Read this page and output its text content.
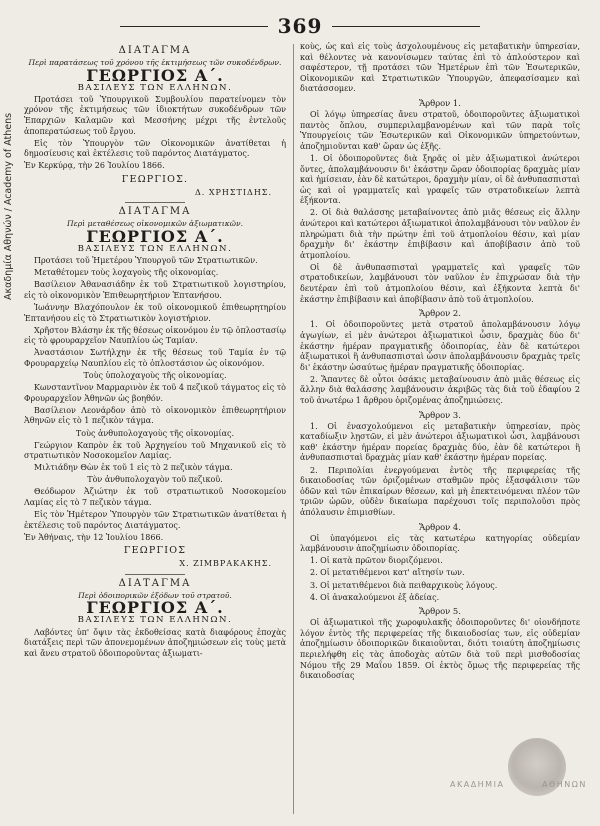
Ακαδημία Αθηνών / Academy of Athens
369

ΔΙΑΤΑΓΜΑ

Περὶ παρατάσεως τοῦ χρόνου τῆς ἐκτιμήσεως τῶν συκοδένδρων.

ΓΕΩΡΓΙΟΣ Α΄.

ΒΑΣΙΛΕΥΣ ΤΩΝ ΕΛΛΗΝΩΝ.

Προτάσει τοῦ Ὑπουργικοῦ Συμβουλίου παρατείνομεν τὸν χρόνον τῆς ἐκτιμήσεως τῶν ἰδιοκτήτων συκοδένδρων τῶν Ἐπαρχιῶν Καλαμῶν καὶ Μεσσήνης μέχρι τῆς ἐντελοῦς ἀποπερατώσεως τοῦ ἔργου.

Εἰς τὸν Ὑπουργὸν τῶν Οἰκονομικῶν ἀνατίθεται ἡ δημοσίευσις καὶ ἐκτέλεσις τοῦ παρόντος Διατάγματος.

Ἐν Κερκύρᾳ, τὴν 26 Ἰουλίου 1866.

ΓΕΩΡΓΙΟΣ.

Δ. ΧΡΗΣΤΙΔΗΣ.

ΔΙΑΤΑΓΜΑ

Περὶ μεταθέσεως οἰκονομικῶν ἀξιωματικῶν.

ΓΕΩΡΓΙΟΣ Α΄.

ΒΑΣΙΛΕΥΣ ΤΩΝ ΕΛΛΗΝΩΝ.

Προτάσει τοῦ Ἡμετέρου Ὑπουργοῦ τῶν Στρατιωτικῶν.

Μεταθέτομεν τοὺς λοχαγοὺς τῆς οἰκονομίας.

Βασίλειον Ἀθανασιάδην ἐκ τοῦ Στρατιωτικοῦ λογιστηρίου, εἰς τὸ οἰκονομικὸν Ἐπιθεωρητήριον Ἑπτανήσου.

Ἰωάννην Βλαχόπουλον ἐκ τοῦ οἰκονομικοῦ ἐπιθεωρητηρίου Ἑπτανήσου εἰς τὸ Στρατιωτικὸν λογιστήριον.

Χρῆστον Βλάσην ἐκ τῆς θέσεως οἰκονόμου ἐν τῷ ὁπλοστασίῳ εἰς τὸ φρουραρχεῖον Ναυπλίου ὡς Ταμίαν.

Ἀναστάσιον Σωτήλχην ἐκ τῆς θέσεως τοῦ Ταμία ἐν τῷ Φρουραρχείῳ Ναυπλίου εἰς τὸ ὁπλοστάσιον ὡς οἰκονόμον.

Τοὺς ὑπολοχαγοὺς τῆς οἰκονομίας.

Κωνσταντῖνον Μαρμαρινὸν ἐκ τοῦ 4 πεζικοῦ τάγματος εἰς τὸ Φρουραρχεῖον Ἀθηνῶν ὡς βοηθόν.

Βασίλειον Λεονάρδον ἀπὸ τὸ οἰκονομικὸν ἐπιθεωρητήριον Ἀθηνῶν εἰς τὸ 1 πεζικὸν τάγμα.

Τοὺς ἀνθυπολοχαγοὺς τῆς οἰκονομίας.

Γεώργιον Καπρὸν ἐκ τοῦ Ἀρχηγείου τοῦ Μηχανικοῦ εἰς τὸ στρατιωτικὸν Νοσοκομεῖον Λαμίας.

Μιλτιάδην Θὼν ἐκ τοῦ 1 εἰς τὸ 2 πεζικὸν τάγμα.

Τὸν ἀνθυπολοχαγὸν τοῦ πεζικοῦ.

Θεόδωρον Ἀζιώτην ἐκ τοῦ στρατιωτικοῦ Νοσοκομείου Λαμίας εἰς τὸ 7 πεζικὸν τάγμα.

Εἰς τὸν Ἡμέτερον Ὑπουργὸν τῶν Στρατιωτικῶν ἀνατίθεται ἡ ἐκτέλεσις τοῦ παρόντος Διατάγματος.

Ἐν Ἀθήναις, τὴν 12 Ἰουλίου 1866.

ΓΕΩΡΓΙΟΣ

Χ. ΖΙΜΒΡΑΚΑΚΗΣ.

ΔΙΑΤΑΓΜΑ

Περὶ ὁδοιπορικῶν ἐξόδων τοῦ στρατοῦ.

ΓΕΩΡΓΙΟΣ Α΄.

ΒΑΣΙΛΕΥΣ ΤΩΝ ΕΛΛΗΝΩΝ.

Λαβόντες ὑπ' ὄψιν τὰς ἐκδοθείσας κατὰ διαφόρους ἐποχὰς διατάξεις περὶ τῶν ἀπονεμομένων ἀποζημιώσεων εἰς τοὺς μετὰ καὶ ἄνευ στρατοῦ ὁδοιποροῦντας ἀξιωματι-

κοὺς, ὡς καὶ εἰς τοὺς ἀσχολουμένους εἰς μεταβατικὴν ὑπηρεσίαν, καὶ θέλοντες νὰ κανονίσωμεν ταύτας ἐπὶ τὸ ἁπλούστερον καὶ σαφέστερον, τῇ προτάσει τῶν Ἡμετέρων ἐπὶ τῶν Ἐσωτερικῶν, Οἰκονομικῶν καὶ Στρατιωτικῶν Ὑπουργῶν, ἀπεφασίσαμεν καὶ διατάσσομεν.

Ἄρθρον 1.

Οἱ λόγῳ ὑπηρεσίας ἄνευ στρατοῦ, ὁδοιποροῦντες ἀξιωματικοὶ παντὸς ὅπλου, συμπεριλαμβανομένων καὶ τῶν παρὰ τοῖς Ὑπουργείοις τῶν Ἐσωτερικῶν καὶ Οἰκονομικῶν ὑπηρετούντων, ἀποζημιοῦνται καθ' ὥραν ὡς ἑξῆς.

1. Οἱ ὁδοιποροῦντες διὰ ξηρᾶς οἱ μὲν ἀξιωματικοὶ ἀνώτεροι ὄντες, ἀπολαμβάνουσιν δι' ἑκάστην ὥραν ὁδοιπορίας δραχμὰς μίαν καὶ ἡμίσειαν, ἐὰν δὲ κατώτεροι, δραχμὴν μίαν, οἱ δὲ ἀνθυπασπισταὶ ὡς καὶ οἱ γραμματεῖς καὶ γραφεῖς τῶν στρατοδικείων λεπτὰ ἑξήκοντα.

2. Οἱ διὰ θαλάσσης μεταβαίνοντες ἀπὸ μιᾶς θέσεως εἰς ἄλλην ἀνώτεροι καὶ κατώτεροι ἀξιωματικοὶ ἀπολαμβάνουσι τὸν ναῦλον ἐν πληρώματι διὰ τὴν πρώτην ἐπὶ τοῦ ἀτμοπλοίου θέσιν, καὶ μίαν δραχμὴν δι' ἑκάστην ἐπιβίβασιν καὶ ἀποβίβασιν ἀπὸ τοῦ ἀτμοπλοίου.

Οἱ δὲ ἀνθυπασπισταὶ γραμματεῖς καὶ γραφεῖς τῶν στρατοδικείων, λαμβάνουσι τὸν ναῦλον ἐν ἐπιχρώσαν διὰ τὴν δευτέραν ἐπὶ τοῦ ἀτμοπλοίου θέσιν, καὶ ἑξήκοντα λεπτὰ δι' ἑκάστην ἐπιβίβασιν καὶ ἀποβίβασιν ἀπὸ τοῦ ἀτμοπλοίου.

Ἄρθρον 2.

1. Οἱ ὁδοιποροῦντες μετὰ στρατοῦ ἀπολαμβάνουσιν λόγῳ ἀγωγίων, εἰ μὲν ἀνώτεροι ἀξιωματικοὶ ὦσιν, δραχμὰς δύο δι' ἑκάστην ἡμέραν πραγματικῆς ὁδοιπορίας, ἐὰν δὲ κατώτεροι ἀξιωματικοὶ ἢ ἀνθυπασπισταὶ ὦσιν ἀπολαμβάνουσιν δραχμὰς τρεῖς δι' ἑκάστην ὡσαύτως ἡμέραν πραγματικῆς ὁδοιπορίας.

2. Ἅπαντες δὲ οὗτοι ὁσάκις μεταβαίνουσιν ἀπὸ μιᾶς θέσεως εἰς ἄλλην διὰ θαλάσσης λαμβάνουσιν ἀκριβῶς τὰς διὰ τοῦ ἐδαφίου 2 τοῦ ἀνωτέρω 1 ἄρθρου ὁριζομένας ἀποζημιώσεις.

Ἄρθρον 3.

1. Οἱ ἐνασχολούμενοι εἰς μεταβατικὴν ὑπηρεσίαν, πρὸς καταδίωξιν λῃστῶν, εἰ μὲν ἀνώτεροι ἀξιωματικοὶ ὦσι, λαμβάνουσι καθ' ἑκάστην ἡμέραν πορείας δραχμὰς δύο, ἐὰν δὲ κατώτεροι ἢ ἀνθυπασπισταὶ δραχμὰς μίαν καθ' ἑκάστην ἡμέραν πορείας.

2. Περιπολίαι ἐνεργούμεναι ἐντὸς τῆς περιφερείας τῆς δικαιοδοσίας τῶν ὁριζομένων σταθμῶν πρὸς ἐξασφάλισιν τῶν ὁδῶν καὶ τῶν ἐπικαίρων θέσεων, καὶ μὴ ἐπεκτεινόμεναι πλέον τῶν τριῶν ὡρῶν, οὐδὲν δικαίωμα παρέχουσι τοῖς περιπολοῦσι πρὸς ἀπόλαυσιν ἐπιμισθίων.

Ἄρθρον 4.

Οἱ ὑπαγόμενοι εἰς τὰς κατωτέρω κατηγορίας οὐδεμίαν λαμβάνουσιν ἀποζημίωσιν ὁδοιπορίας.

1. Οἱ κατὰ πρῶτον διοριζόμενοι.

2. Οἱ μετατιθέμενοι κατ' αἴτησίν των.

3. Οἱ μετατιθέμενοι διὰ πειθαρχικοὺς λόγους.

4. Οἱ ἀνακαλούμενοι ἐξ ἀδείας.

Ἄρθρον 5.

Οἱ ἀξιωματικοὶ τῆς χωροφυλακῆς ὁδοιποροῦντες δι' οἱονδήποτε λόγον ἐντὸς τῆς περιφερείας τῆς δικαιοδοσίας των, εἰς οὐδεμίαν ἀποζημίωσιν ὁδοιπορικῶν δικαιοῦνται, διότι τοιαύτη ἀποζημίωσις περιελήφθη εἰς τὰς ἀποδοχὰς αὐτῶν διὰ τοῦ περὶ μισθοδοσίας Νόμου τῆς 29 Μαΐου 1859. Οἱ ἐκτὸς ὅμως τῆς περιφερείας τῆς δικαιοδοσίας

ΑΚΑΔΗΜΙΑ	ΑΘΗΝΩΝ
